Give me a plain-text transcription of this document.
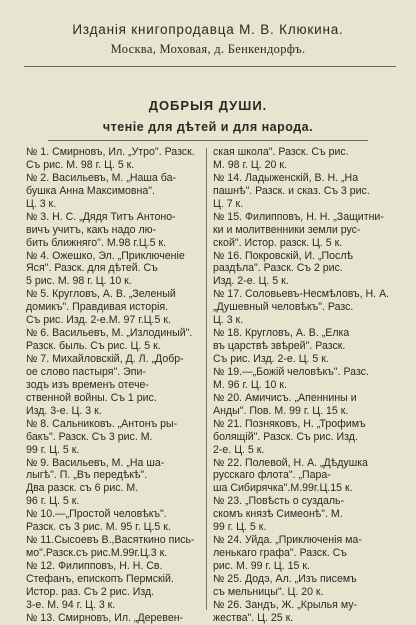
Изданія книгопродавца М. В. Клюкина.
Москва, Моховая, д. Бенкендорфъ.
ДОБРЫЯ ДУШИ.
чтеніе для дѣтей и для народа.
№ 1. Смирновъ, Ил. „Утро". Разск.
Съ рис. М. 98 г. Ц. 5 к.
№ 2. Васильевъ, М. „Наша ба-
бушка Анна Максимовна".
Ц. 3 к.
№ 3. Н. С. „Дядя Титъ Антоно-
вичъ учитъ, какъ надо лю-
бить ближняго". М.98 г.Ц.5 к.
№ 4. Ожешко, Эл. „Приключеніе
Яся". Разск. для дѣтей. Съ
5 рис. М. 98 г. Ц. 10 к.
№ 5. Кругловъ, А. В. „Зеленый
домикъ". Правдивая исторія.
Съ рис. Изд. 2-е.М. 97 г.Ц.5 к.
№ 6. Васильевъ, М. „Излодиный".
Разск. быль. Съ рис. Ц. 5 к.
№ 7. Михайловскій, Д. Л. „Добр-
ое слово пастыря". Эпи-
зодъ изъ временъ отече-
ственной войны. Съ 1 рис.
Изд. 3-е. Ц. 3 к.
№ 8. Сальниковъ. „Антонъ ры-
бакъ". Разск. Съ 3 рис. М.
99 г. Ц. 5 к.
№ 9. Васильевъ, М. „На ша-
лыгѣ". П. „Въ передѣкѣ".
Два разск. съ 6 рис. М.
96 г. Ц. 5 к.
№ 10.—„Простой человѣкъ".
Разск. съ 3 рис. М. 95 г. Ц.5 к.
№ 11.Сысоевъ В.,Васяткино пись-
мо".Разск.съ рис.М.99г.Ц.3 к.
№ 12. Филипповъ, Н. Н. Св.
Стефанъ, епископъ Пермскій.
Истор. раз. Съ 2 рис. Изд.
3-е. М. 94 г. Ц. 3 к.
№ 13. Смирновъ, Ил. „Деревен-
ская школа". Разск. Съ рис.
М. 98 г. Ц. 20 к.
№ 14. Ладыженскій, В. Н. „На
пашнѣ". Разск. и сказ. Съ 3 рис.
Ц. 7 к.
№ 15. Филипповъ, Н. Н. „Защитни-
ки и молитвенники земли рус-
ской". Истор. разск. Ц. 5 к.
№ 16. Покровскій, И. „Послѣ
раздѣла". Разск. Съ 2 рис.
Изд. 2-е. Ц. 5 к.
№ 17. Соловьевъ-Несмѣловъ, Н. А.
„Душевный человѣкъ". Разс.
Ц. 3 к.
№ 18. Кругловъ, А. В. „Елка
въ царствѣ звѣрей". Разск.
Съ рис. Изд. 2-е. Ц. 5 к.
№ 19.—„Божій человѣкъ". Разс.
М. 96 г. Ц. 10 к.
№ 20. Амичисъ. „Апеннины и
Анды". Пов. М. 99 г. Ц. 15 к.
№ 21. Позняковъ, Н. „Трофимъ
болящій". Разск. Съ рис. Изд.
2-е. Ц. 5 к.
№ 22. Полевой, Н. А. „Дѣдушка
русскаго флота". „Пара-
ша Сибирячка".М.99г.Ц.15 к.
№ 23. „Повѣсть о суздаль-
скомъ князѣ Симеонѣ". М.
99 г. Ц. 5 к.
№ 24. Уйда. „Приключенія ма-
ленькаго графа". Разск. Съ
рис. М. 99 г. Ц. 15 к.
№ 25. Додэ, Ал. „Изъ писемъ
съ мельницы". Ц. 20 к.
№ 26. Зандъ, Ж. „Крылья му-
жества". Ц. 25 к.
